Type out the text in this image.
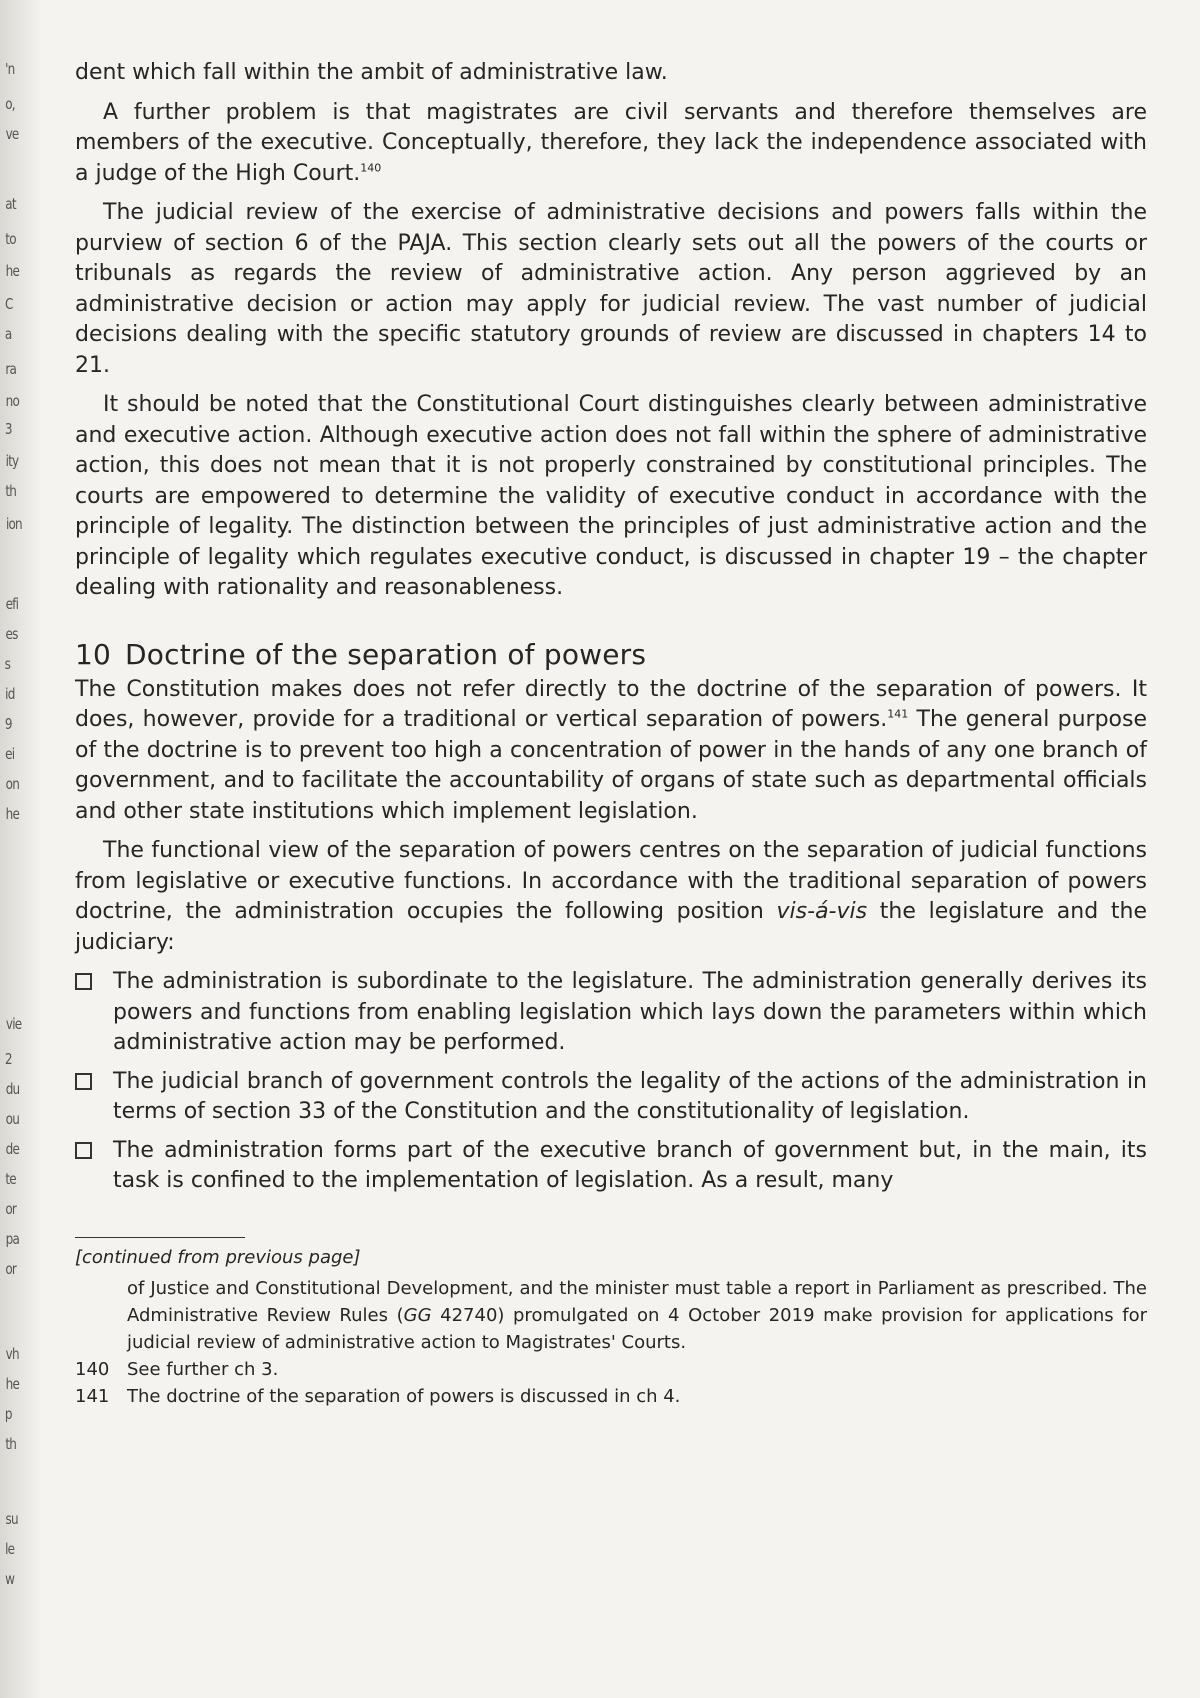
'n
o,
ve
at
to
he
C
a
ra
no
3
ity
th
ion
efi
es
s
id
9
ei
on
he
vie
2
du
ou
de
te
or
pa
or
vh
he
p
th
su
le
w

dent which fall within the ambit of administrative law.

A further problem is that magistrates are civil servants and therefore themselves are members of the executive. Conceptually, therefore, they lack the independence associated with a judge of the High Court.$^{140}$

The judicial review of the exercise of administrative decisions and powers falls within the purview of section 6 of the PAJA. This section clearly sets out all the powers of the courts or tribunals as regards the review of administrative action. Any person aggrieved by an administrative decision or action may apply for judicial review. The vast number of judicial decisions dealing with the specific statutory grounds of review are discussed in chapters 14 to 21.

It should be noted that the Constitutional Court distinguishes clearly between administrative and executive action. Although executive action does not fall within the sphere of administrative action, this does not mean that it is not properly constrained by constitutional principles. The courts are empowered to determine the validity of executive conduct in accordance with the principle of legality. The distinction between the principles of just administrative action and the principle of legality which regulates executive conduct, is discussed in chapter 19 – the chapter dealing with rationality and reasonableness.

10 Doctrine of the separation of powers

The Constitution makes does not refer directly to the doctrine of the separation of powers. It does, however, provide for a traditional or vertical separation of powers.$^{141}$ The general purpose of the doctrine is to prevent too high a concentration of power in the hands of any one branch of government, and to facilitate the accountability of organs of state such as departmental officials and other state institutions which implement legislation.

The functional view of the separation of powers centres on the separation of judicial functions from legislative or executive functions. In accordance with the traditional separation of powers doctrine, the administration occupies the following position vis-á-vis the legislature and the judiciary:

The administration is subordinate to the legislature. The administration generally derives its powers and functions from enabling legislation which lays down the parameters within which administrative action may be performed.
The judicial branch of government controls the legality of the actions of the administration in terms of section 33 of the Constitution and the constitutionality of legislation.
The administration forms part of the executive branch of government but, in the main, its task is confined to the implementation of legislation. As a result, many
[continued from previous page]
of Justice and Constitutional Development, and the minister must table a report in Parliament as prescribed. The Administrative Review Rules (GG 42740) promulgated on 4 October 2019 make provision for applications for judicial review of administrative action to Magistrates' Courts.
140 See further ch 3.
141 The doctrine of the separation of powers is discussed in ch 4.
